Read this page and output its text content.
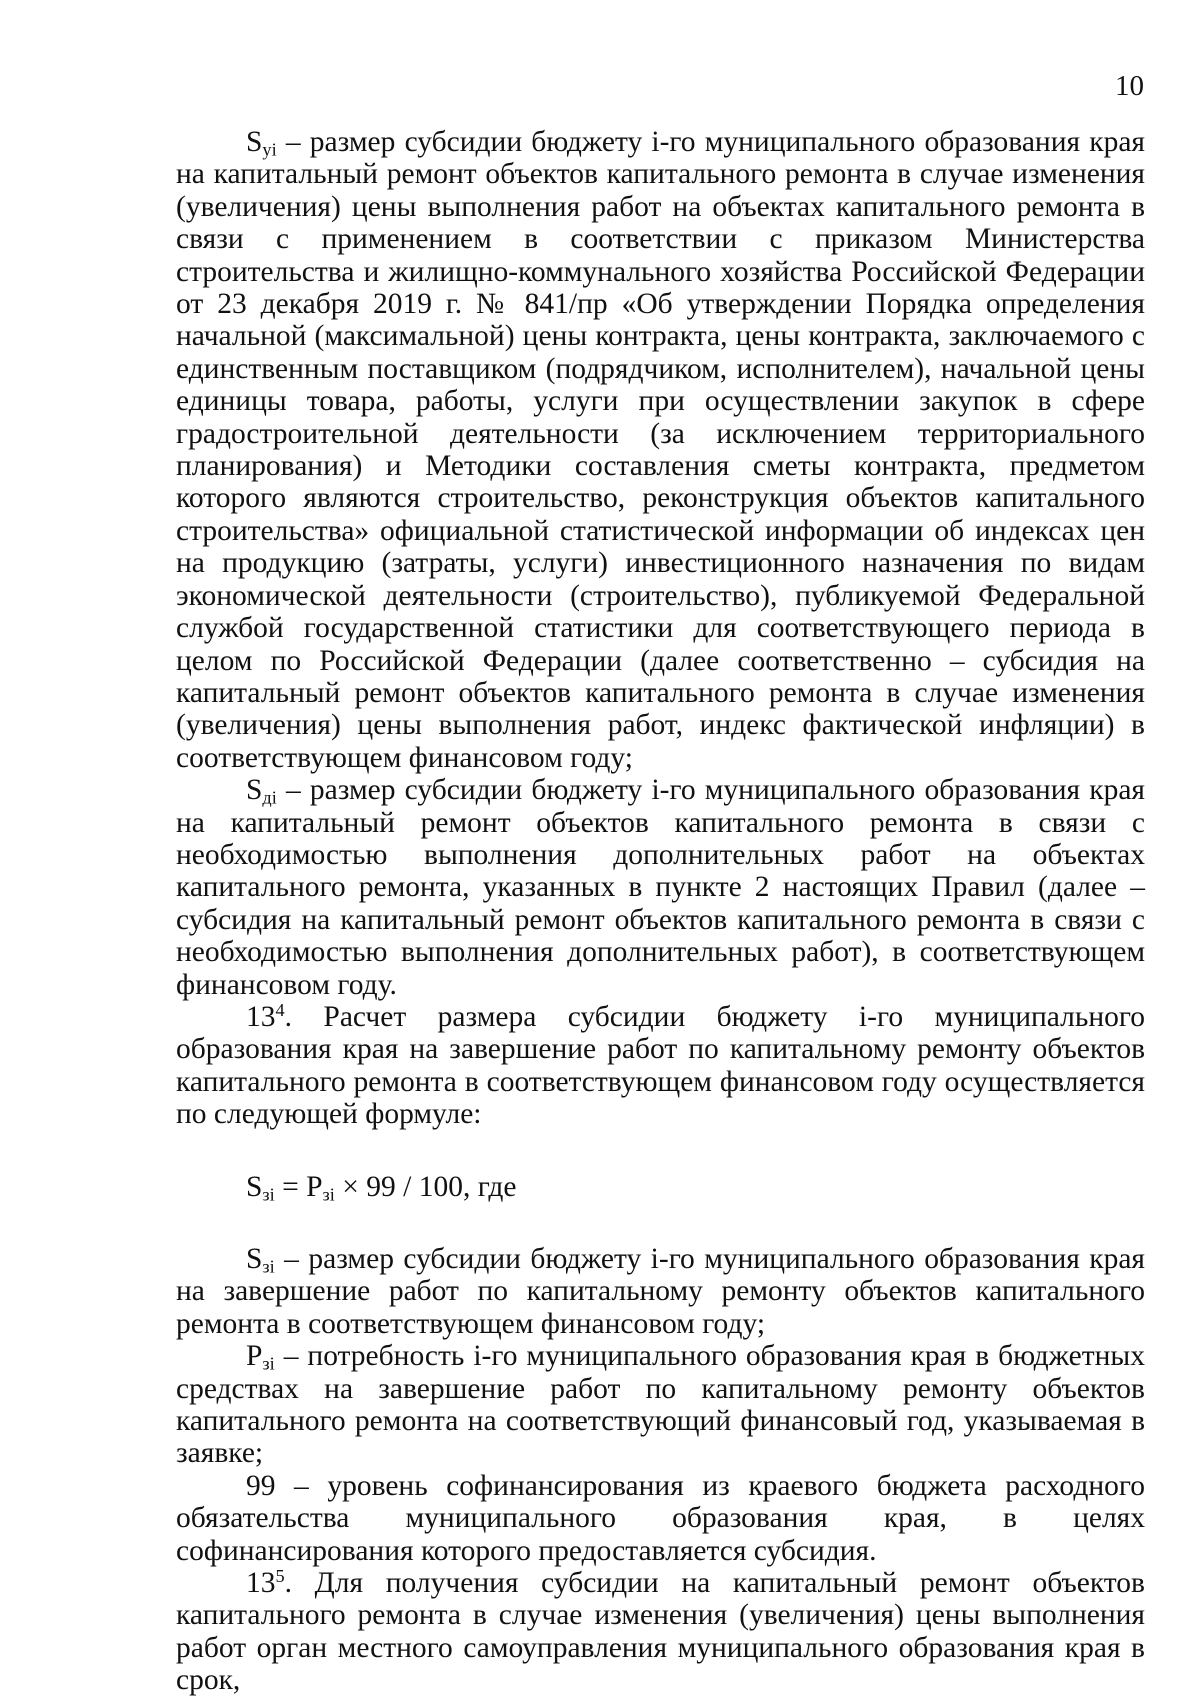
10

$S_{yi}$ – размер субсидии бюджету i-го муниципального образования края на капитальный ремонт объектов капитального ремонта в случае изменения (увеличения) цены выполнения работ на объектах капитального ремонта в связи с применением в соответствии с приказом Министерства строительства и жилищно-коммунального хозяйства Российской Федерации от 23 декабря 2019 г. № 841/пр «Об утверждении Порядка определения начальной (максимальной) цены контракта, цены контракта, заключаемого с единственным поставщиком (подрядчиком, исполнителем), начальной цены единицы товара, работы, услуги при осуществлении закупок в сфере градостроительной деятельности (за исключением территориального планирования) и Методики составления сметы контракта, предметом которого являются строительство, реконструкция объектов капитального строительства» официальной статистической информации об индексах цен на продукцию (затраты, услуги) инвестиционного назначения по видам экономической деятельности (строительство), публикуемой Федеральной службой государственной статистики для соответствующего периода в целом по Российской Федерации (далее соответственно – субсидия на капитальный ремонт объектов капитального ремонта в случае изменения (увеличения) цены выполнения работ, индекс фактической инфляции) в соответствующем финансовом году;

$S_{дi}$ – размер субсидии бюджету i-го муниципального образования края на капитальный ремонт объектов капитального ремонта в связи с необходимостью выполнения дополнительных работ на объектах капитального ремонта, указанных в пункте 2 настоящих Правил (далее – субсидия на капитальный ремонт объектов капитального ремонта в связи с необходимостью выполнения дополнительных работ), в соответствующем финансовом году.

$13^4$. Расчет размера субсидии бюджету i-го муниципального образования края на завершение работ по капитальному ремонту объектов капитального ремонта в соответствующем финансовом году осуществляется по следующей формуле:

$S_{зi} = P_{зi} \times 99 / 100$, где

$S_{зi}$ – размер субсидии бюджету i-го муниципального образования края на завершение работ по капитальному ремонту объектов капитального ремонта в соответствующем финансовом году;

$P_{зi}$ – потребность i-го муниципального образования края в бюджетных средствах на завершение работ по капитальному ремонту объектов капитального ремонта на соответствующий финансовый год, указываемая в заявке;

99 – уровень софинансирования из краевого бюджета расходного обязательства муниципального образования края, в целях софинансирования которого предоставляется субсидия.

$13^5$. Для получения субсидии на капитальный ремонт объектов капитального ремонта в случае изменения (увеличения) цены выполнения работ орган местного самоуправления муниципального образования края в срок,
